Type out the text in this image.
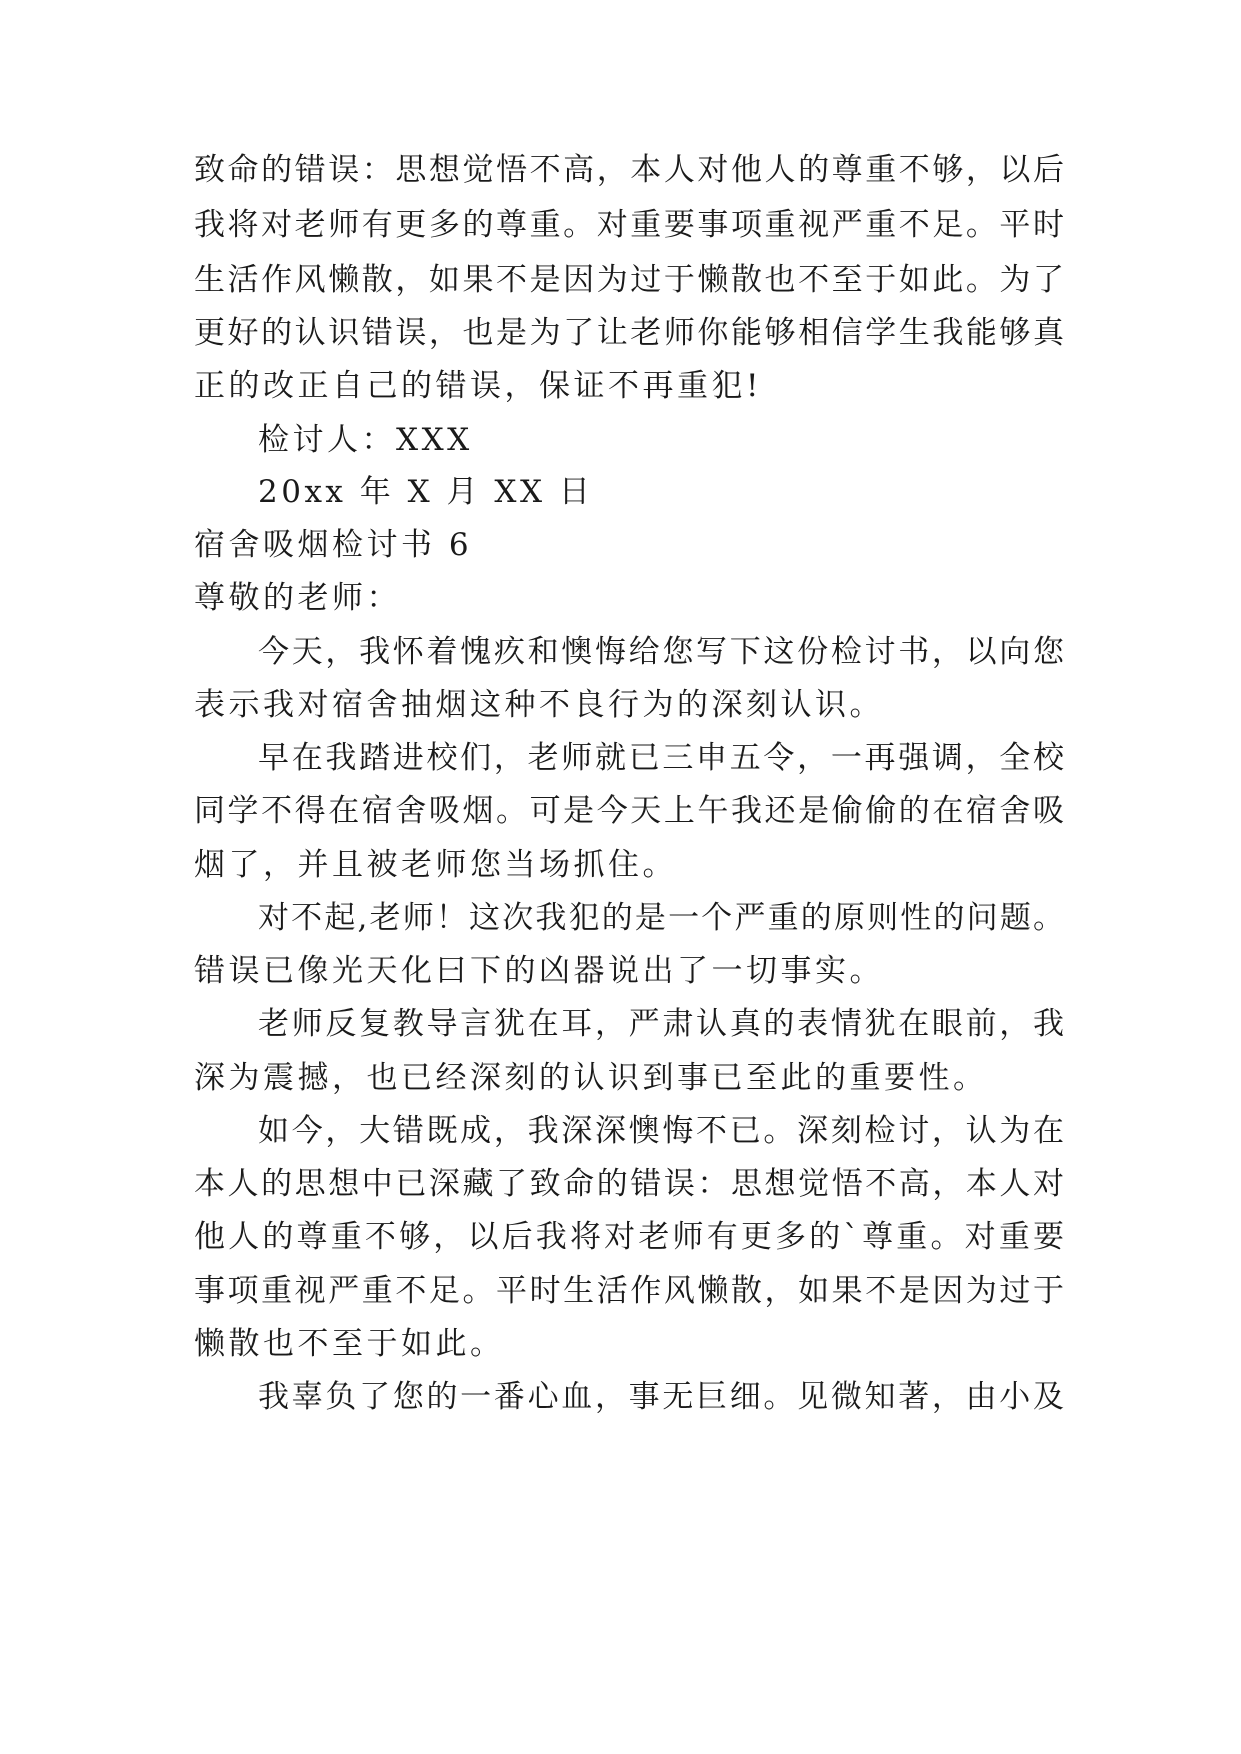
致命的错误：思想觉悟不高，本人对他人的尊重不够，以后
我将对老师有更多的尊重。对重要事项重视严重不足。平时
生活作风懒散，如果不是因为过于懒散也不至于如此。为了
更好的认识错误，也是为了让老师你能够相信学生我能够真
正的改正自己的错误，保证不再重犯!
检讨人：XXX
20xx 年 X 月 XX 日
宿舍吸烟检讨书 6
尊敬的老师：
今天，我怀着愧疚和懊悔给您写下这份检讨书，以向您
表示我对宿舍抽烟这种不良行为的深刻认识。
早在我踏进校们，老师就已三申五令，一再强调，全校
同学不得在宿舍吸烟。可是今天上午我还是偷偷的在宿舍吸
烟了，并且被老师您当场抓住。
对不起,老师！这次我犯的是一个严重的原则性的问题。
错误已像光天化曰下的凶器说出了一切事实。
老师反复教导言犹在耳，严肃认真的表情犹在眼前，我
深为震撼，也已经深刻的认识到事已至此的重要性。
如今，大错既成，我深深懊悔不已。深刻检讨，认为在
本人的思想中已深藏了致命的错误：思想觉悟不高，本人对
他人的尊重不够，以后我将对老师有更多的`尊重。对重要
事项重视严重不足。平时生活作风懒散，如果不是因为过于
懒散也不至于如此。
我辜负了您的一番心血，事无巨细。见微知著，由小及
